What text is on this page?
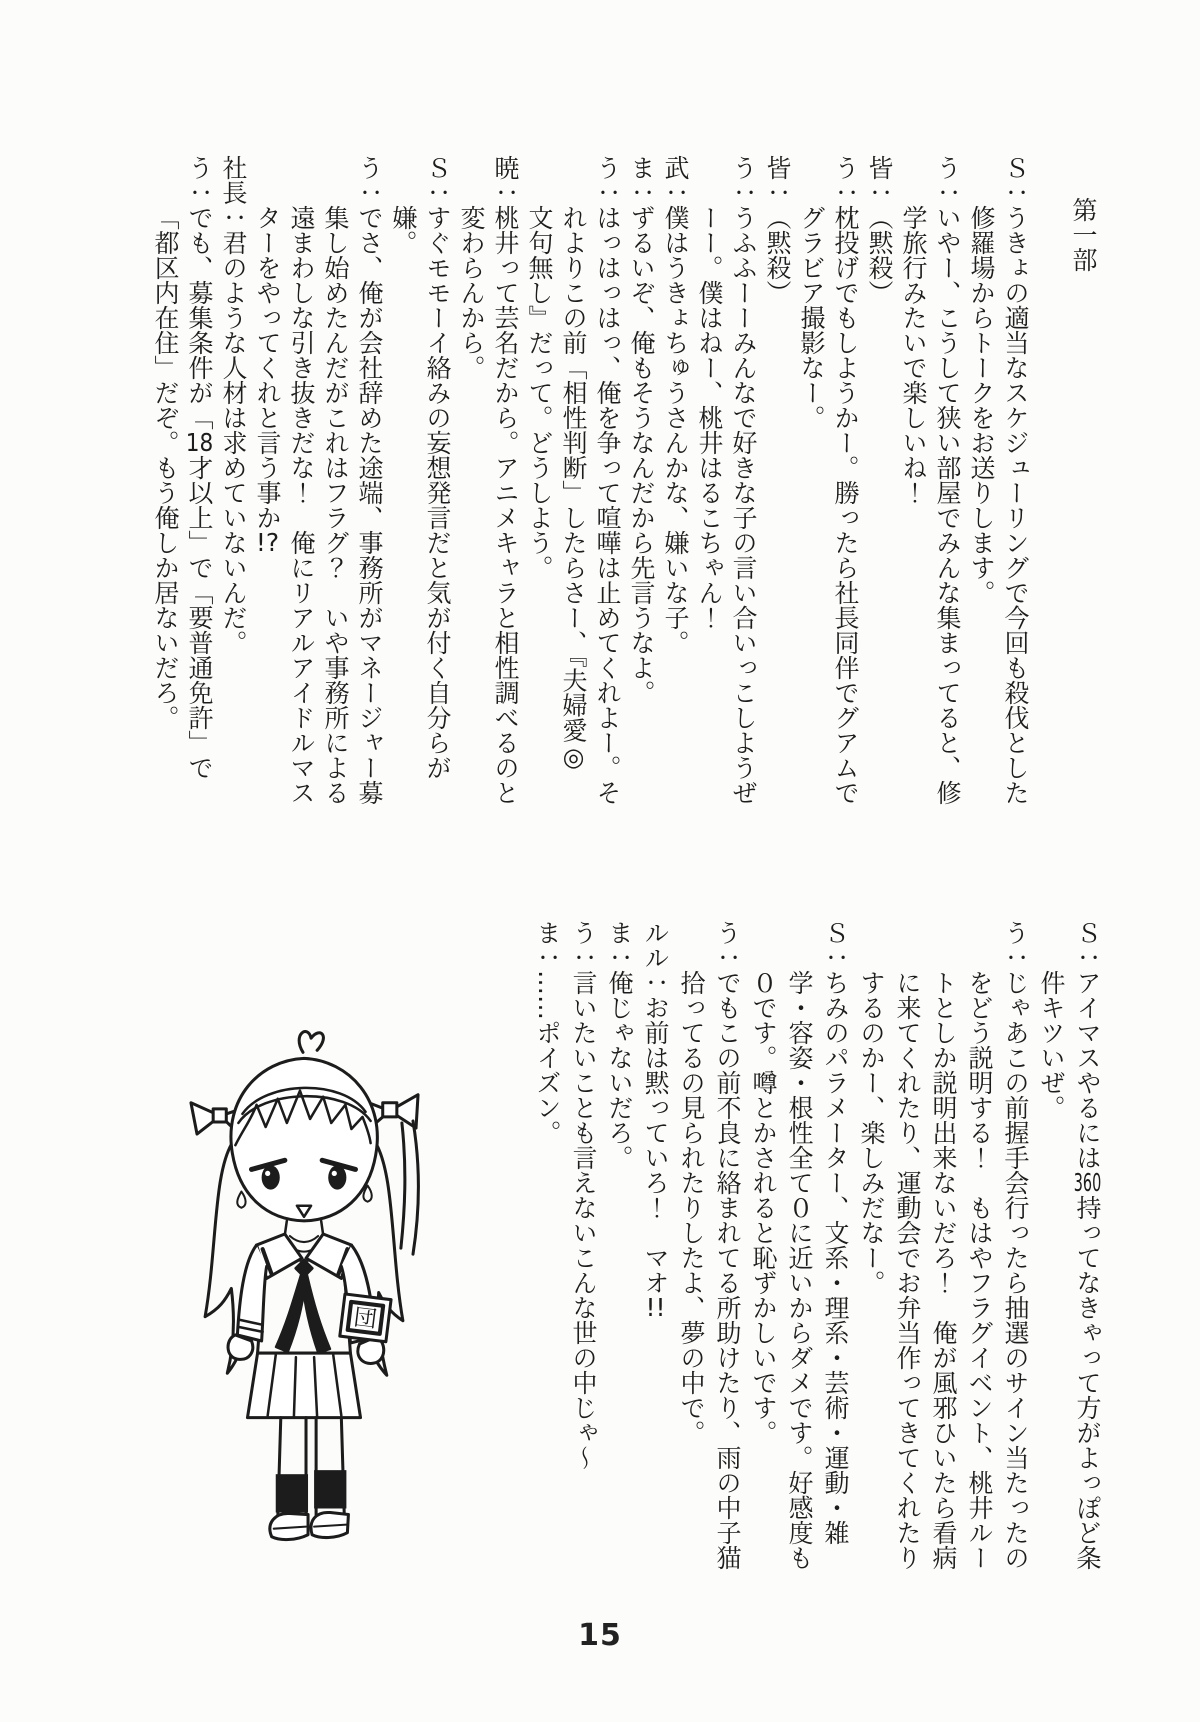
第一部

Ｓ：うきょの適当なスケジューリングで今回も殺伐とした修羅場からトークをお送りします。

う：いやー、こうして狭い部屋でみんな集まってると、修学旅行みたいで楽しいね！

皆：（黙殺）

う：枕投げでもしようかー。勝ったら社長同伴でグアムでグラビア撮影なー。

皆：（黙殺）

う：うふふーーみんなで好きな子の言い合いっこしようぜーー。僕はねー、桃井はるこちゃん！

武：僕はうきょちゅうさんかな、嫌いな子。

ま：ずるいぞ、俺もそうなんだから先言うなよ。

う：はっはっはっ、俺を争って喧嘩は止めてくれよー。それよりこの前「相性判断」したらさー、『夫婦愛◎　文句無し』だって。どうしよう。

暁：桃井って芸名だから。アニメキャラと相性調べるのと変わらんから。

Ｓ：すぐモモーイ絡みの妄想発言だと気が付く自分らが嫌。

う：でさ、俺が会社辞めた途端、事務所がマネージャー募集し始めたんだがこれはフラグ？　いや事務所による遠まわしな引き抜きだな！　俺にリアルアイドルマスターをやってくれと言う事か!?

社長：君のような人材は求めていないんだ。

う：でも、募集条件が「18才以上」で「要普通免許」で「都区内在住」だぞ。もう俺しか居ないだろ。

Ｓ：アイマスやるには360持ってなきゃって方がよっぽど条件キツいぜ。

う：じゃあこの前握手会行ったら抽選のサイン当たったのをどう説明する！　もはやフラグイベント、桃井ルートとしか説明出来ないだろ！　俺が風邪ひいたら看病に来てくれたり、運動会でお弁当作ってきてくれたりするのかー、楽しみだなー。

Ｓ：ちみのパラメーター、文系・理系・芸術・運動・雑学・容姿・根性全て０に近いからダメです。好感度も０です。噂とかされると恥ずかしいです。

う：でもこの前不良に絡まれてる所助けたり、雨の中子猫拾ってるの見られたりしたよ、夢の中で。

ルル：お前は黙っていろ！　マオ!!

ま：俺じゃないだろ。

う：言いたいことも言えないこんな世の中じゃ～

ま：……ポイズン。

団
15
